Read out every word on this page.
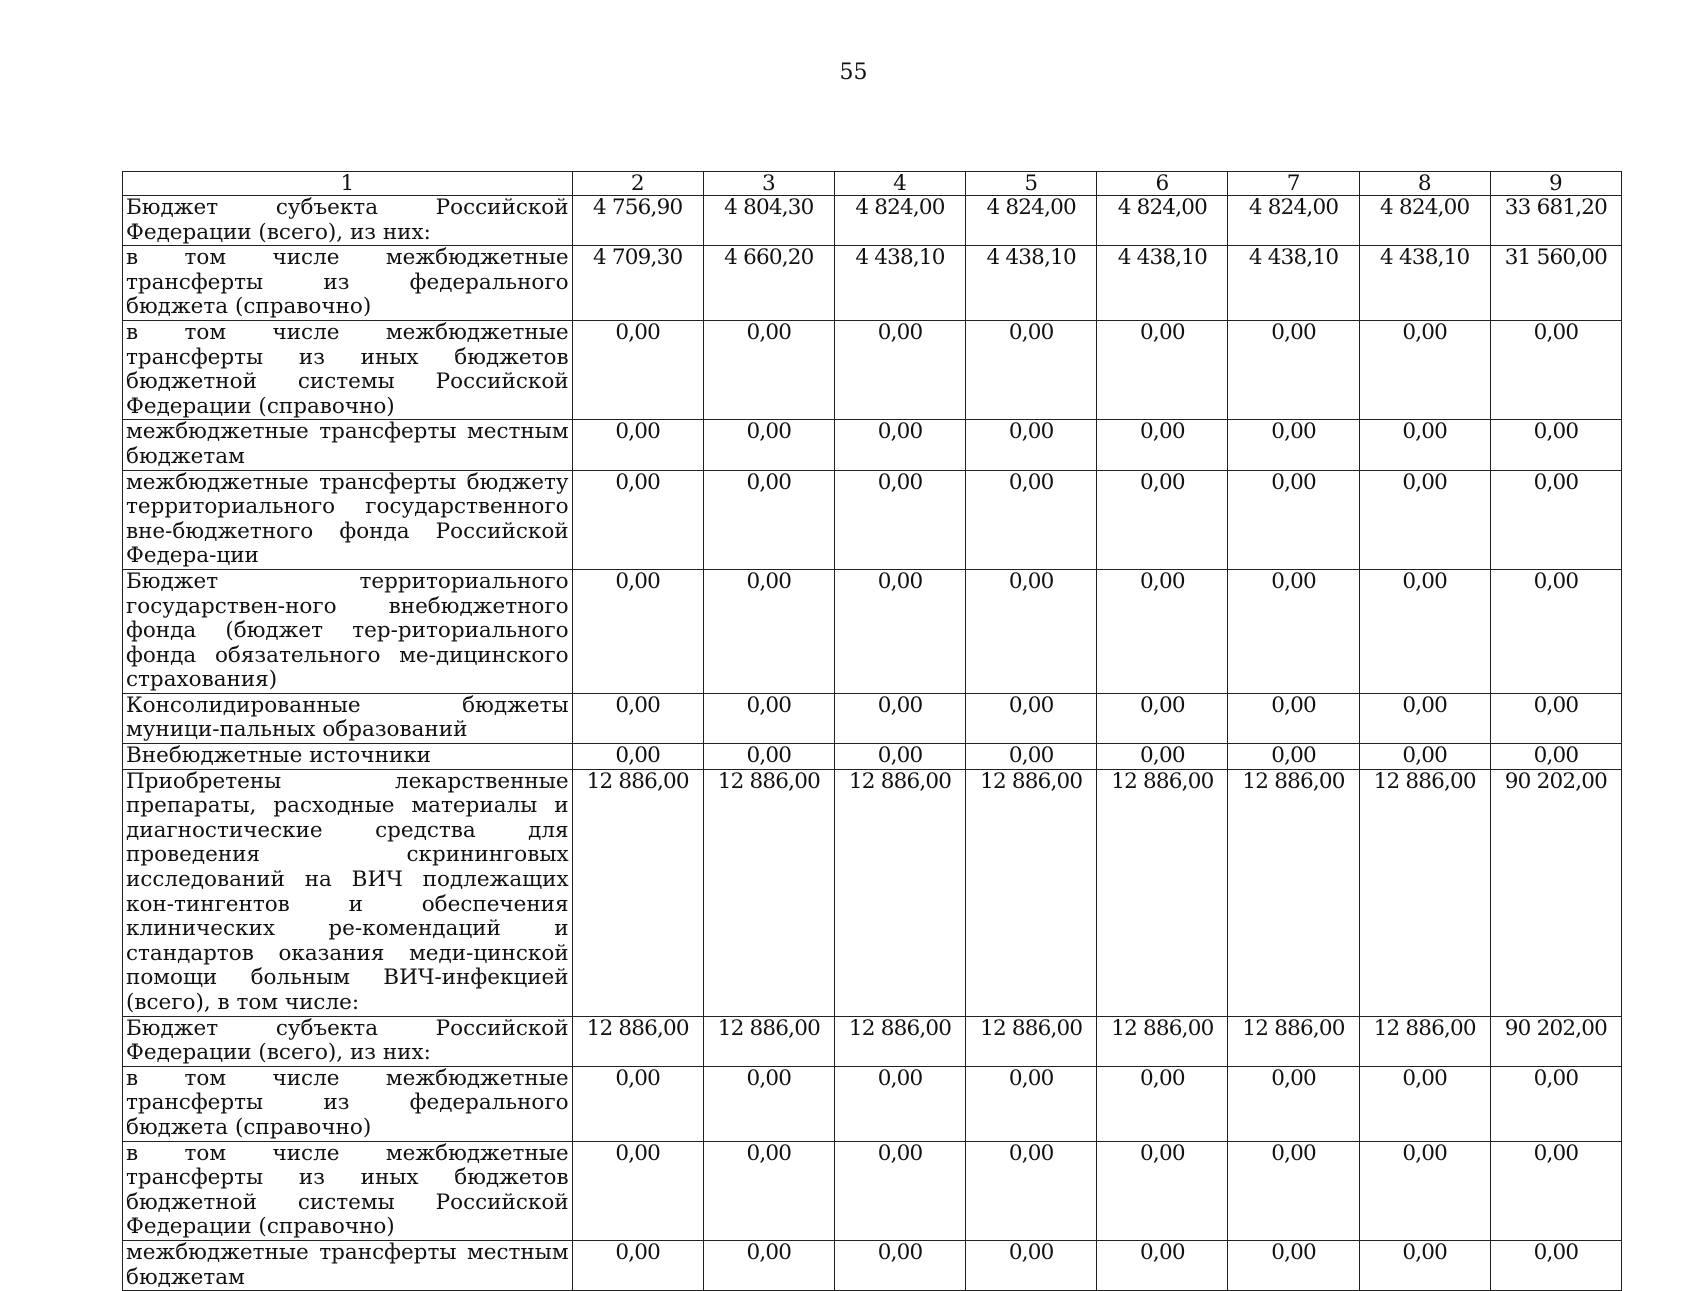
55
1	2	3	4	5	6	7	8	9
Бюджет субъекта Российской Федерации (всего), из них:	4 756,90	4 804,30	4 824,00	4 824,00	4 824,00	4 824,00	4 824,00	33 681,20
в том числе межбюджетные трансферты из федерального бюджета (справочно)	4 709,30	4 660,20	4 438,10	4 438,10	4 438,10	4 438,10	4 438,10	31 560,00
в том числе межбюджетные трансферты из иных бюджетов бюджетной системы Российской Федерации (справочно)	0,00	0,00	0,00	0,00	0,00	0,00	0,00	0,00
межбюджетные трансферты местным бюджетам	0,00	0,00	0,00	0,00	0,00	0,00	0,00	0,00
межбюджетные трансферты бюджету территориального государственного вне-бюджетного фонда Российской Федера-ции	0,00	0,00	0,00	0,00	0,00	0,00	0,00	0,00
Бюджет территориального государствен-ного внебюджетного фонда (бюджет тер-риториального фонда обязательного ме-дицинского страхования)	0,00	0,00	0,00	0,00	0,00	0,00	0,00	0,00
Консолидированные бюджеты муници-пальных образований	0,00	0,00	0,00	0,00	0,00	0,00	0,00	0,00
Внебюджетные источники	0,00	0,00	0,00	0,00	0,00	0,00	0,00	0,00
Приобретены лекарственные препараты, расходные материалы и диагностические средства для проведения скрининговых исследований на ВИЧ подлежащих кон-тингентов и обеспечения клинических ре-комендаций и стандартов оказания меди-цинской помощи больным ВИЧ-инфекцией (всего), в том числе:	12 886,00	12 886,00	12 886,00	12 886,00	12 886,00	12 886,00	12 886,00	90 202,00
Бюджет субъекта Российской Федерации (всего), из них:	12 886,00	12 886,00	12 886,00	12 886,00	12 886,00	12 886,00	12 886,00	90 202,00
в том числе межбюджетные трансферты из федерального бюджета (справочно)	0,00	0,00	0,00	0,00	0,00	0,00	0,00	0,00
в том числе межбюджетные трансферты из иных бюджетов бюджетной системы Российской Федерации (справочно)	0,00	0,00	0,00	0,00	0,00	0,00	0,00	0,00
межбюджетные трансферты местным бюджетам	0,00	0,00	0,00	0,00	0,00	0,00	0,00	0,00
